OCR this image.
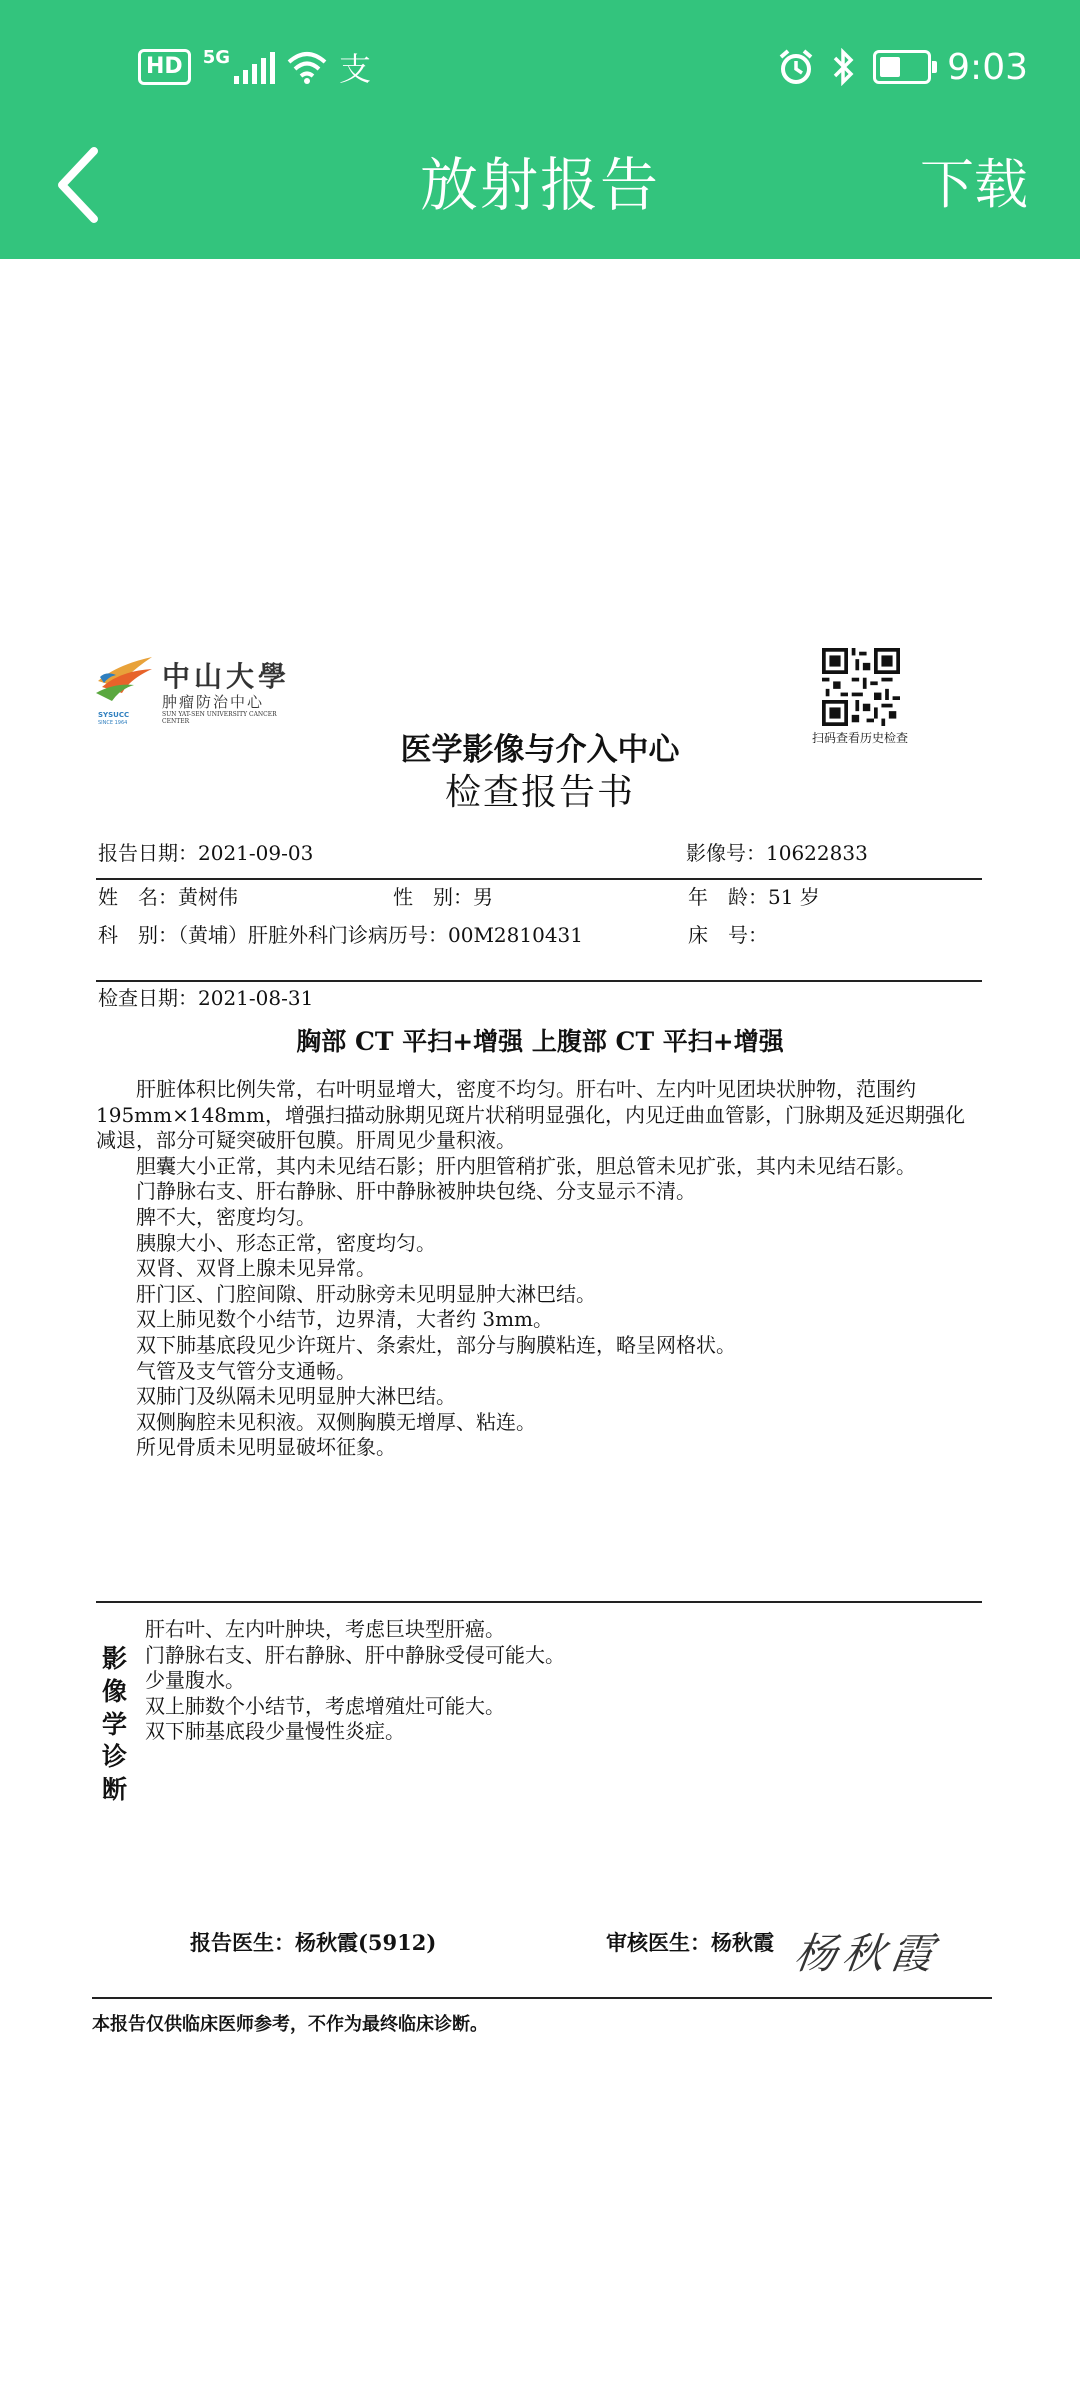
HD	5G	支	9:03
放射报告	下载
中山大學
肿瘤防治中心
SUN YAT-SEN UNIVERSITY CANCER CENTER
SYSUCC
SINCE 1964
扫码查看历史检查
医学影像与介入中心
检查报告书
报告日期：2021-09-03	影像号：10622833
姓　名：黄树伟	性　别：男	年　龄：51 岁
科　别：（黄埔）肝脏外科门诊病历号：00M2810431	床　号：
检查日期：2021-08-31
胸部 CT 平扫+增强 上腹部 CT 平扫+增强

肝脏体积比例失常，右叶明显增大，密度不均匀。肝右叶、左内叶见团块状肿物，范围约 195mm×148mm，增强扫描动脉期见斑片状稍明显强化，内见迂曲血管影，门脉期及延迟期强化减退，部分可疑突破肝包膜。肝周见少量积液。

胆囊大小正常，其内未见结石影；肝内胆管稍扩张，胆总管未见扩张，其内未见结石影。

门静脉右支、肝右静脉、肝中静脉被肿块包绕、分支显示不清。

脾不大，密度均匀。

胰腺大小、形态正常，密度均匀。

双肾、双肾上腺未见异常。

肝门区、门腔间隙、肝动脉旁未见明显肿大淋巴结。

双上肺见数个小结节，边界清，大者约 3mm。

双下肺基底段见少许斑片、条索灶，部分与胸膜粘连，略呈网格状。

气管及支气管分支通畅。

双肺门及纵隔未见明显肿大淋巴结。

双侧胸腔未见积液。双侧胸膜无增厚、粘连。

所见骨质未见明显破坏征象。

影像学诊断

肝右叶、左内叶肿块，考虑巨块型肝癌。

门静脉右支、肝右静脉、肝中静脉受侵可能大。

少量腹水。

双上肺数个小结节，考虑增殖灶可能大。

双下肺基底段少量慢性炎症。

报告医生：杨秋霞(5912)	审核医生：杨秋霞 杨秋霞
本报告仅供临床医师参考，不作为最终临床诊断。
